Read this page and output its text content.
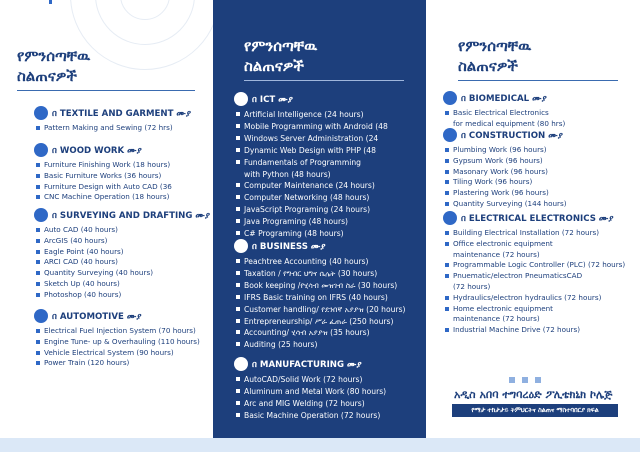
የምንሰጣቸዉ
ስልጠናዎች
በ TEXTILE AND GARMENT ሙያ
Pattern Making and Sewing (72 hrs)
በ WOOD WORK ሙያ
Furniture Finishing Work (18 hours)
Basic Furniture Works (36 hours)
Furniture Design with Auto CAD (36
CNC Machine Operation (18 hours)
በ SURVEYING AND DRAFTING ሙያ
Auto CAD (40 hours)
ArcGIS (40 hours)
Eagle Point (40 hours)
ARCI CAD (40 hours)
Quantity Surveying (40 hours)
Sketch Up (40 hours)
Photoshop (40 hours)
በ AUTOMOTIVE ሙያ
Electrical Fuel Injection System (70 hours)
Engine Tune- up & Overhauling (110 hours)
Vehicle Electrical System (90 hours)
Power Train (120 hours)
የምንሰጣቸዉ
ስልጠናዎች
በ ICT ሙያ
Artificial Intelligence (24 hours)
Mobile Programming with Android (48
Windows Server Administration (24
Dynamic Web Design with PHP (48
Fundamentals of Programming
with Python (48 hours)
Computer Maintenance (24 hours)
Computer Networking (48 hours)
JavaScript Programing (24 hours)
Java Programing (48 hours)
C# Programing (48 hours)
በ BUSINESS ሙያ
Peachtree Accounting (40 hours)
Taxation / የግብር ህግና ሴሌት (30 hours)
Book keeping /የሂሳብ መዝገብ ስራ (30 hours)
IFRS Basic training on IFRS (40 hours)
Customer handling/ የደንበኛ አያያዝ (20 hours)
Entrepreneurship/ ሥራ ፈጠራ (250 hours)
Accounting/ ሂሳብ አያያዝ (35 hours)
Auditing (25 hours)
በ MANUFACTURING ሙያ
AutoCAD/Solid Work (72 hours)
Aluminum and Metal Work (80 hours)
Arc and MIG Welding (72 hours)
Basic Machine Operation (72 hours)
የምንሰጣቸዉ
ስልጠናዎች
በ BIOMEDICAL ሙያ
Basic Electrical Electronics
for medical equipment (80 hrs)
በ CONSTRUCTION ሙያ
Plumbing Work (96 hours)
Gypsum Work (96 hours)
Masonary Work (96 hours)
Tiling Work (96 hours)
Plastering Work (96 hours)
Quantity Surveying (144 hours)
በ ELECTRICAL ELECTRONICS ሙያ
Building Electrical Installation (72 hours)
Office electronic equipment
maintenance (72 hours)
Programmable Logic Controller (PLC) (72 hours)
Pnuematic/electron PneumaticsCAD
(72 hours)
Hydraulics/electron hydraulics (72 hours)
Home electronic equipment
maintenance (72 hours)
Industrial Machine Drive (72 hours)
አዲስ አበባ ተግባረዕድ ፖሊቴክኒክ ኮሌጅ
የማታ ተከታታይ ትምህርትና ስልጠና ማስተባበርያ ክፍል
